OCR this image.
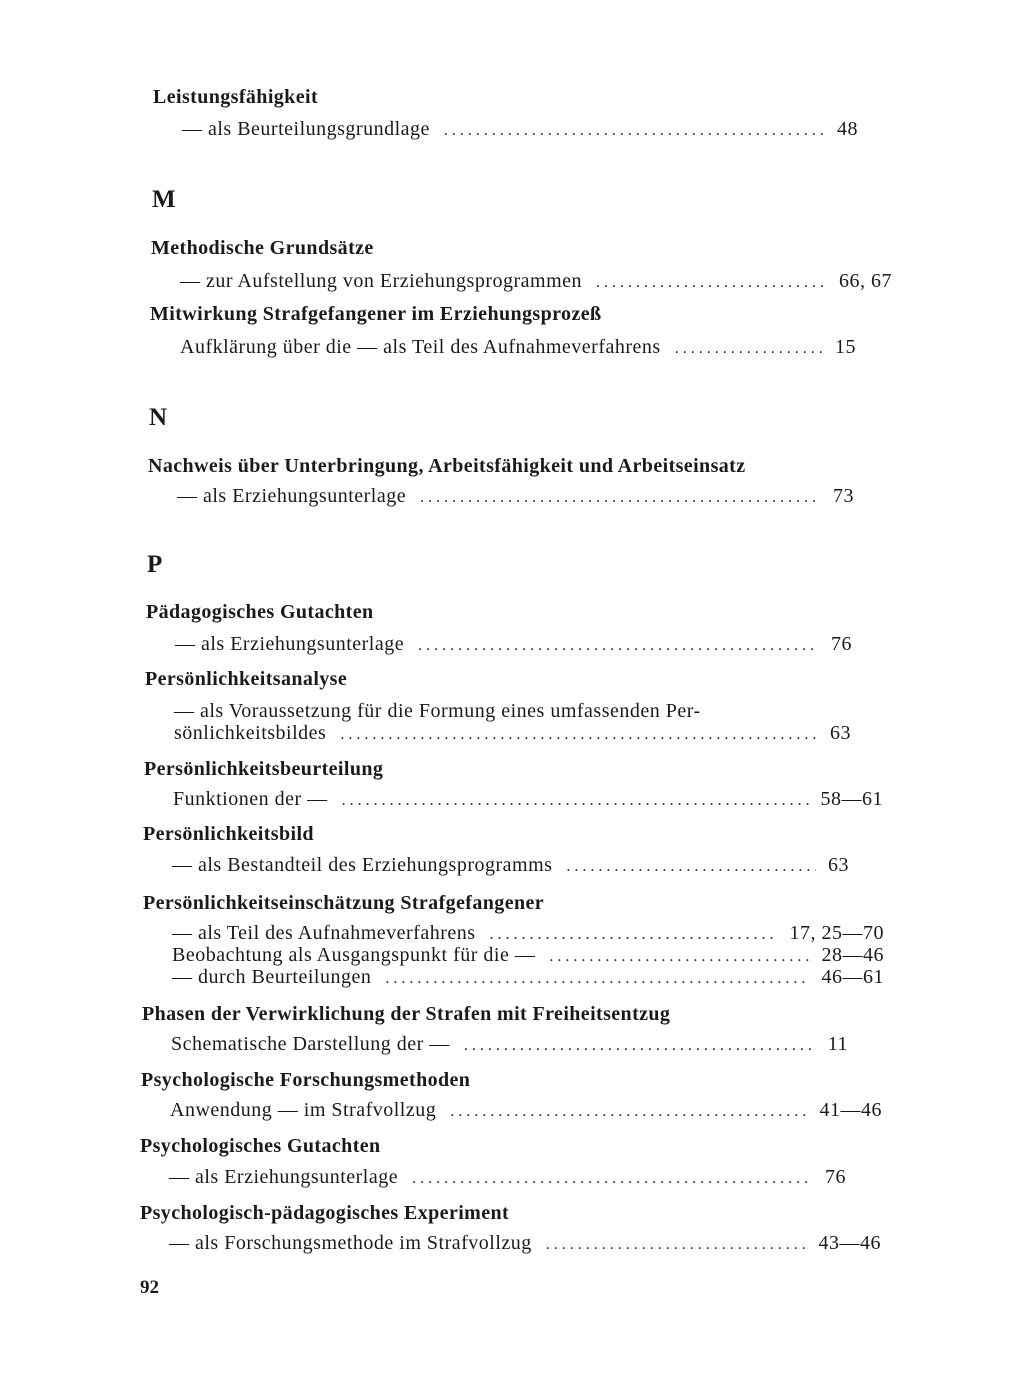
Leistungsfähigkeit
— als Beurteilungsgrundlage . . .	48
M
Methodische Grundsätze
— zur Aufstellung von Erziehungsprogrammen . . .	66, 67
Mitwirkung Strafgefangener im Erziehungsprozeß
Aufklärung über die — als Teil des Aufnahmeverfahrens . . .	15
N
Nachweis über Unterbringung, Arbeitsfähigkeit und Arbeitseinsatz
— als Erziehungsunterlage . . .	73
P
Pädagogisches Gutachten
— als Erziehungsunterlage . . .	76
Persönlichkeitsanalyse
— als Voraussetzung für die Formung eines umfassenden Per-
sönlichkeitsbildes . . .	63
Persönlichkeitsbeurteilung
Funktionen der — . . .	58—61
Persönlichkeitsbild
— als Bestandteil des Erziehungsprogramms . . .	63
Persönlichkeitseinschätzung Strafgefangener
— als Teil des Aufnahmeverfahrens . . .	17, 25—70
Beobachtung als Ausgangspunkt für die — . . .	28—46
— durch Beurteilungen . . .	46—61
Phasen der Verwirklichung der Strafen mit Freiheitsentzug
Schematische Darstellung der — . . .	11
Psychologische Forschungsmethoden
Anwendung — im Strafvollzug . . .	41—46
Psychologisches Gutachten
— als Erziehungsunterlage . . .	76
Psychologisch-pädagogisches Experiment
— als Forschungsmethode im Strafvollzug . . .	43—46
92
